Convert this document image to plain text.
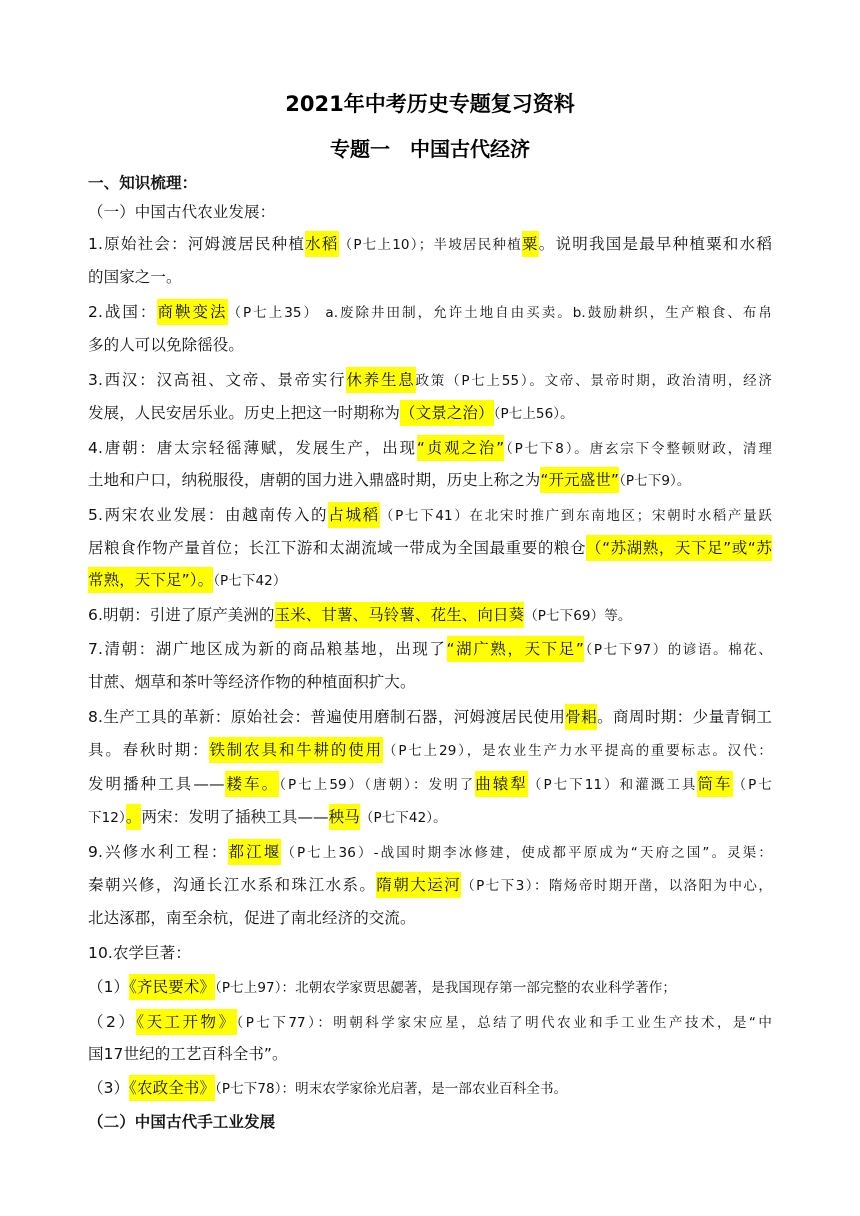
2021年中考历史专题复习资料
专题一　中国古代经济
一、知识梳理：
（一）中国古代农业发展：
1.原始社会：河姆渡居民种植水稻（P七上10）；半坡居民种植粟。说明我国是最早种植粟和水稻
的国家之一。
2.战国：商鞅变法（P七上35） a.废除井田制，允许土地自由买卖。b.鼓励耕织，生产粮食、布帛
多的人可以免除徭役。
3.西汉：汉高祖、文帝、景帝实行休养生息政策（P七上55）。文帝、景帝时期，政治清明，经济
发展，人民安居乐业。历史上把这一时期称为（文景之治）（P七上56）。
4.唐朝：唐太宗轻徭薄赋，发展生产，出现“贞观之治”（P七下8）。唐玄宗下令整顿财政，清理
土地和户口，纳税服役，唐朝的国力进入鼎盛时期，历史上称之为“开元盛世”（P七下9）。
5.两宋农业发展：由越南传入的占城稻（P七下41）在北宋时推广到东南地区；宋朝时水稻产量跃
居粮食作物产量首位；长江下游和太湖流域一带成为全国最重要的粮仓（“苏湖熟，天下足”或“苏
常熟，天下足”）。（P七下42）
6.明朝：引进了原产美洲的玉米、甘薯、马铃薯、花生、向日葵（P七下69）等。
7.清朝：湖广地区成为新的商品粮基地，出现了“湖广熟，天下足”（P七下97）的谚语。棉花、
甘蔗、烟草和茶叶等经济作物的种植面积扩大。
8.生产工具的革新：原始社会：普遍使用磨制石器，河姆渡居民使用骨耜。商周时期：少量青铜工
具。春秋时期：铁制农具和牛耕的使用（P七上29），是农业生产力水平提高的重要标志。汉代：
发明播种工具——耧车。（P七上59）（唐朝）：发明了曲辕犁（P七下11）和灌溉工具筒车（P七
下12）。两宋：发明了插秧工具——秧马（P七下42）。
9.兴修水利工程：都江堰（P七上36）-战国时期李冰修建，使成都平原成为“天府之国”。灵渠：
秦朝兴修，沟通长江水系和珠江水系。隋朝大运河（P七下3）：隋炀帝时期开凿，以洛阳为中心，
北达涿郡，南至余杭，促进了南北经济的交流。
10.农学巨著：
（1）《齐民要术》（P七上97）：北朝农学家贾思勰著，是我国现存第一部完整的农业科学著作；
（2）《天工开物》（P七下77）：明朝科学家宋应星，总结了明代农业和手工业生产技术，是“中
国17世纪的工艺百科全书”。
（3）《农政全书》（P七下78）：明末农学家徐光启著，是一部农业百科全书。
（二）中国古代手工业发展
